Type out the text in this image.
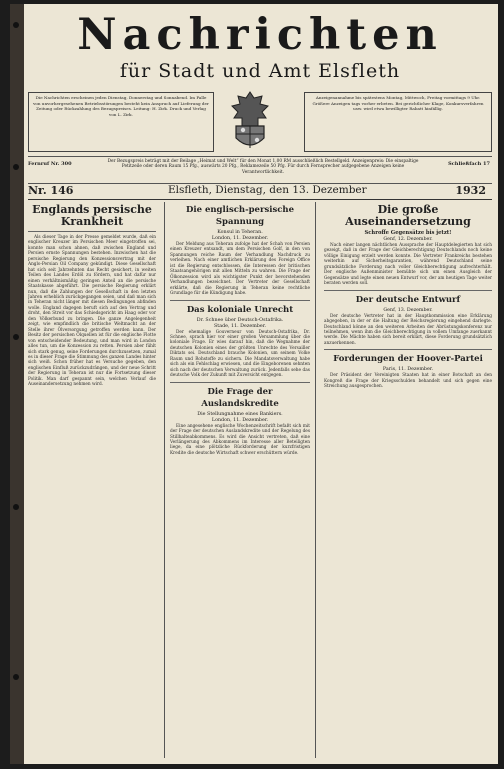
Nachrichten
für Stadt und Amt Elsfleth
Die Nachrichten erscheinen jeden Dienstag, Donnerstag und Sonnabend. Im Falle von unvorhergesehenen Betriebsstörungen besteht kein Anspruch auf Lieferung der Zeitung oder Rückzahlung des Bezugspreises. Leitung: H. Zirk. Druck und Verlag von L. Zirk.
Anzeigenannahme bis spätestens Montag, Mittwoch, Freitag vormittags 9 Uhr. Größere Anzeigen tags vorher erbeten. Bei gerichtlicher Klage, Konkursverfahren usw. wird etwa bewilligter Rabatt hinfällig.
Fernruf Nr. 300	Der Bezugspreis beträgt mit der Beilage „Heimat und Welt“ für den Monat 1,00 RM ausschließlich Bestellgeld. Anzeigenpreis: Die einspaltige Petitzeile oder deren Raum 15 Pfg., auswärts 20 Pfg., Reklamezeile 50 Pfg. Für durch Fernsprecher aufgegebene Anzeigen keine Verantwortlichkeit.
Schließfach 17
Nr. 146	Elsfleth, Dienstag, den 13. Dezember	1932
Englands persische Krankheit

Als dieser Tage in der Presse gemeldet wurde, daß ein englischer Kreuzer im Persischen Meer eingetroffen sei, konnte man schon ahnen, daß zwischen England und Persien ernste Spannungen bestehen. Inzwischen hat die persische Regierung den Konzessionsvertrag mit der Anglo-Persian Oil Company gekündigt. Diese Gesellschaft hat sich seit Jahrzehnten das Recht gesichert, in weiten Teilen des Landes Erdöl zu fördern, und hat dafür nur einen verhältnismäßig geringen Anteil an die persische Staatskasse abgeführt. Die persische Regierung erklärt nun, daß die Zahlungen der Gesellschaft in den letzten Jahren erheblich zurückgegangen seien, und daß man sich in Teheran nicht länger mit diesen Bedingungen abfinden wolle. England dagegen beruft sich auf den Vertrag und droht, den Streit vor das Schiedsgericht im Haag oder vor den Völkerbund zu bringen. Die ganze Angelegenheit zeigt, wie empfindlich die britische Weltmacht an der Stelle ihrer Ölversorgung getroffen werden kann. Der Besitz der persischen Ölquellen ist für die englische Flotte von entscheidender Bedeutung, und man wird in London alles tun, um die Konzession zu retten. Persien aber fühlt sich stark genug, seine Forderungen durchzusetzen, zumal es in dieser Frage die Stimmung des ganzen Landes hinter sich weiß. Schon früher hat es Versuche gegeben, den englischen Einfluß zurückzudrängen, und der neue Schritt der Regierung in Teheran ist nur die Fortsetzung dieser Politik. Man darf gespannt sein, welchen Verlauf die Auseinandersetzung nehmen wird.

Die englisch-persische Spannung
Konsul in Teheran.
London, 11. Dezember.

Der Meldung aus Teheran zufolge hat der Schah von Persien einen Kreuzer entsandt, um dem Persischen Golf, in den von Spannungen reiche Raum der Verhandlung Nachdruck zu verleihen. Nach einer amtlichen Erklärung des Foreign Office ist die Regierung entschlossen, die Interessen der britischen Staatsangehörigen mit allen Mitteln zu wahren. Die Frage der Ölkonzession wird als wichtigster Punkt der bevorstehenden Verhandlungen bezeichnet. Der Vertreter der Gesellschaft erklärte, daß die Regierung in Teheran keine rechtliche Grundlage für die Kündigung habe.

Das koloniale Unrecht
Dr. Schnee über Deutsch-Ostafrika.
Stade, 11. Dezember.

Der ehemalige Gouverneur von Deutsch-Ostafrika, Dr. Schnee, sprach hier vor einer großen Versammlung über die koloniale Frage. Er wies darauf hin, daß die Wegnahme der deutschen Kolonien eines der größten Unrechte des Versailler Diktats sei. Deutschland brauche Kolonien, um seinem Volke Raum und Rohstoffe zu sichern. Die Mandatsverwaltung habe sich als ein Fehlschlag erwiesen, und die Eingeborenen sehnten sich nach der deutschen Verwaltung zurück. Jedenfalls sehe das deutsche Volk der Zukunft mit Zuversicht entgegen.

Die Frage der Auslandskredite
Die Stellungnahme eines Bankiers.
London, 11. Dezember.

Eine angesehene englische Wochenzeitschrift befaßt sich mit der Frage der deutschen Auslandskredite und der Regelung des Stillhalteabkommens. Es wird die Ansicht vertreten, daß eine Verlängerung des Abkommens im Interesse aller Beteiligten liege, da eine plötzliche Rückforderung der kurzfristigen Kredite die deutsche Wirtschaft schwer erschüttern würde.

Die große Auseinandersetzung
Schroffe Gegensätze bis jetzt!
Genf, 12. Dezember.

Nach einer langen nächtlichen Aussprache der Hauptdelegierten hat sich gezeigt, daß in der Frage der Gleichberechtigung Deutschlands noch keine völlige Einigung erzielt werden konnte. Die Vertreter Frankreichs bestehen weiterhin auf Sicherheitsgarantien, während Deutschland seine grundsätzliche Forderung nach voller Gleichberechtigung aufrechterhält. Der englische Außenminister bemühte sich um einen Ausgleich der Gegensätze und legte einen neuen Entwurf vor, der am heutigen Tage weiter beraten werden soll.

Der deutsche Entwurf
Genf, 13. Dezember.

Der deutsche Vertreter hat in der Hauptkommission eine Erklärung abgegeben, in der er die Haltung der Reichsregierung eingehend darlegte. Deutschland könne an den weiteren Arbeiten der Abrüstungskonferenz nur teilnehmen, wenn ihm die Gleichberechtigung in vollem Umfange zuerkannt werde. Die Mächte haben sich bereit erklärt, diese Forderung grundsätzlich anzuerkennen.

Forderungen der Hoover-Partei
Paris, 11. Dezember.

Der Präsident der Vereinigten Staaten hat in einer Botschaft an den Kongreß die Frage der Kriegsschulden behandelt und sich gegen eine Streichung ausgesprochen.
